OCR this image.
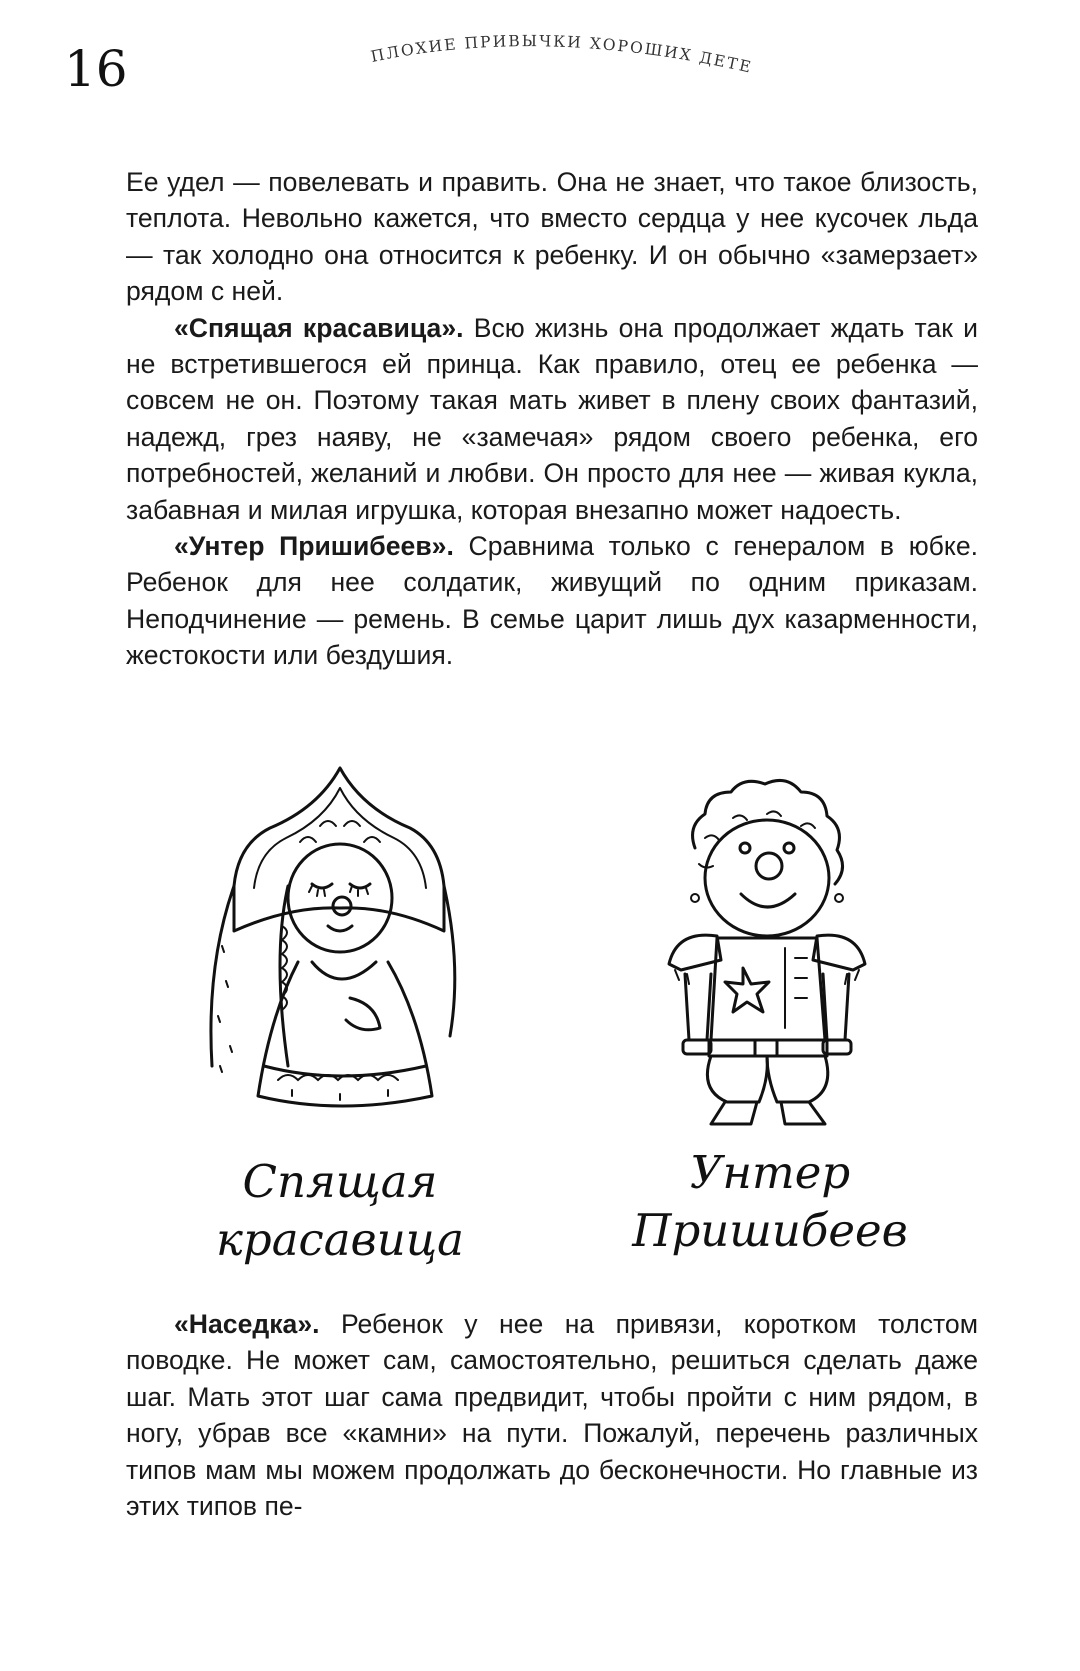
16	ПЛОХИЕ ПРИВЫЧКИ ХОРОШИХ ДЕТЕЙ

Ее удел — повелевать и править. Она не знает, что такое близость, теплота. Невольно кажется, что вместо сердца у нее кусочек льда — так холодно она относится к ребенку. И он обычно «замерзает» рядом с ней.

«Спящая красавица». Всю жизнь она продолжает ждать так и не встретившегося ей принца. Как правило, отец ее ребенка — совсем не он. Поэтому такая мать живет в плену своих фантазий, надежд, грез наяву, не «замечая» рядом своего ребенка, его потребностей, желаний и любви. Он просто для нее — живая кукла, забавная и милая игрушка, которая внезапно может надоесть.

«Унтер Пришибеев». Сравнима только с генералом в юбке. Ребенок для нее солдатик, живущий по одним приказам. Неподчинение — ремень. В семье царит лишь дух казарменности, жестокости или бездушия.

Спящая
красавица
Унтер
Пришибеев

«Наседка». Ребенок у нее на привязи, коротком толстом поводке. Не может сам, самостоятельно, решиться сделать даже шаг. Мать этот шаг сама предвидит, чтобы пройти с ним рядом, в ногу, убрав все «камни» на пути. Пожалуй, перечень различных типов мам мы можем продолжать до бесконечности. Но главные из этих типов пе-
